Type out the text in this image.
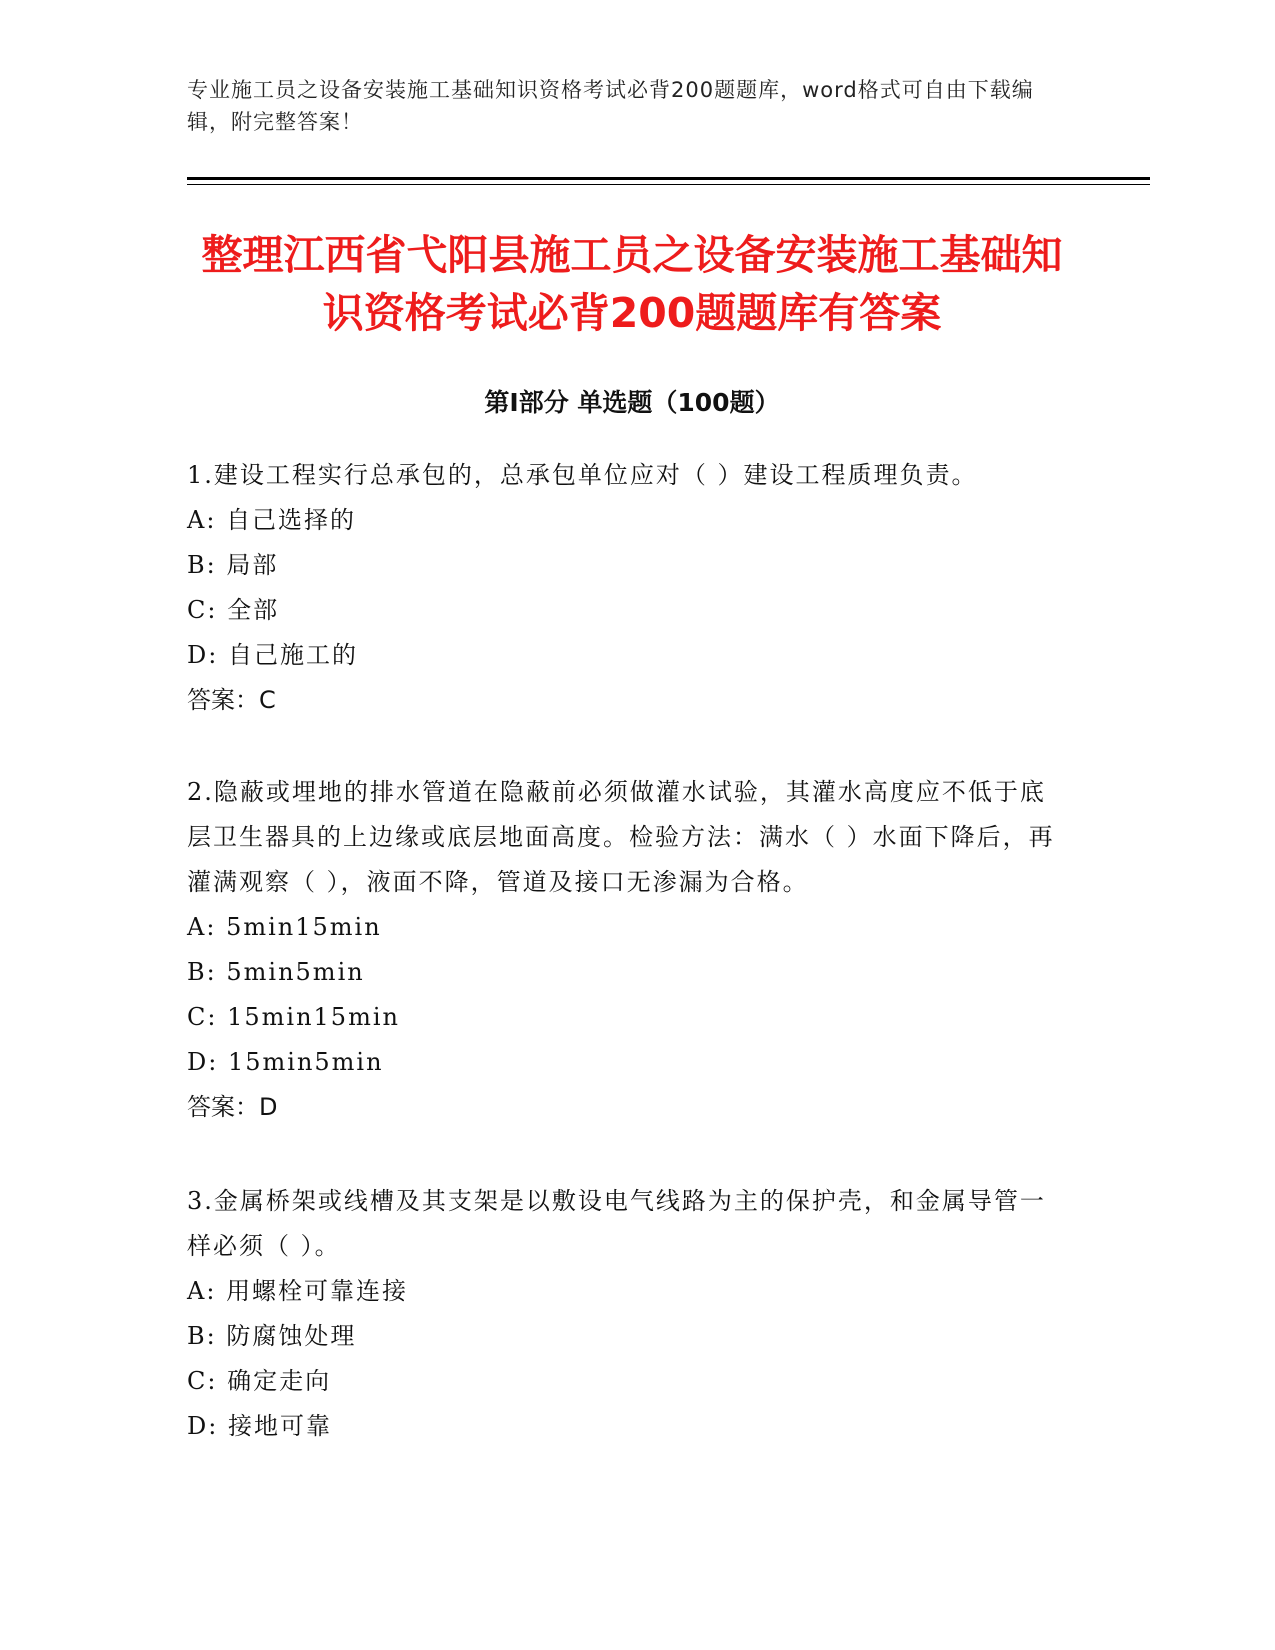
专业施工员之设备安装施工基础知识资格考试必背200题题库，word格式可自由下载编辑，附完整答案！
整理江西省弋阳县施工员之设备安装施工基础知识资格考试必背200题题库有答案
第Ⅰ部分 单选题（100题）

1.建设工程实行总承包的，总承包单位应对（ ）建设工程质理负责。

A: 自己选择的

B: 局部

C: 全部

D: 自己施工的

答案：C

2.隐蔽或埋地的排水管道在隐蔽前必须做灌水试验，其灌水高度应不低于底层卫生器具的上边缘或底层地面高度。检验方法：满水（ ）水面下降后，再灌满观察（ ），液面不降，管道及接口无渗漏为合格。

A: 5min15min

B: 5min5min

C: 15min15min

D: 15min5min

答案：D

3.金属桥架或线槽及其支架是以敷设电气线路为主的保护壳，和金属导管一样必须（ ）。

A: 用螺栓可靠连接

B: 防腐蚀处理

C: 确定走向

D: 接地可靠
